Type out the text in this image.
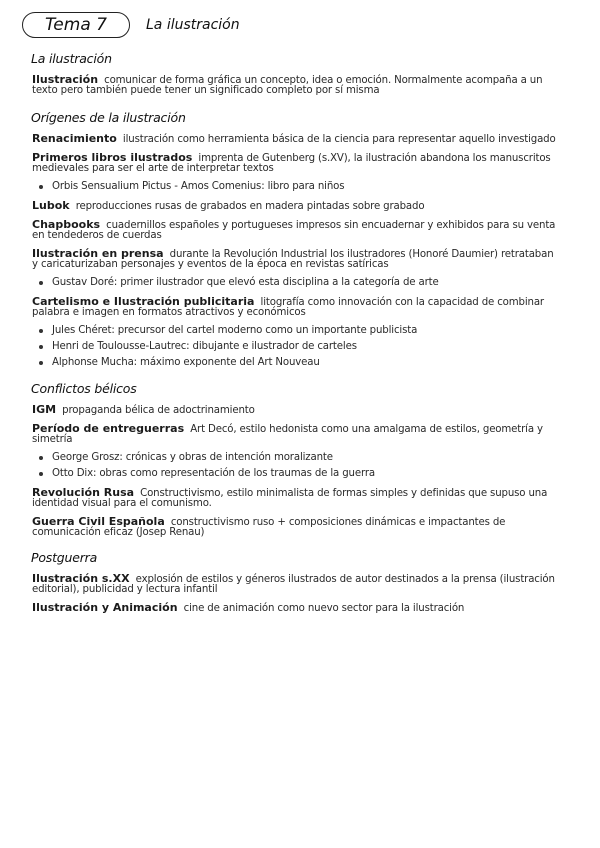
Tema 7	La ilustración
La ilustración
Ilustración comunicar de forma gráfica un concepto, idea o emoción. Normalmente acompaña a un texto pero también puede tener un significado completo por sí misma
Orígenes de la ilustración
Renacimiento ilustración como herramienta básica de la ciencia para representar aquello investigado
Primeros libros ilustrados imprenta de Gutenberg (s.XV), la ilustración abandona los manuscritos medievales para ser el arte de interpretar textos
Orbis Sensualium Pictus - Amos Comenius: libro para niños
Lubok reproducciones rusas de grabados en madera pintadas sobre grabado
Chapbooks cuadernillos españoles y portugueses impresos sin encuadernar y exhibidos para su venta en tendederos de cuerdas
Ilustración en prensa durante la Revolución Industrial los ilustradores (Honoré Daumier) retrataban y caricaturizaban personajes y eventos de la época en revistas satíricas
Gustav Doré: primer ilustrador que elevó esta disciplina a la categoría de arte
Cartelismo e Ilustración publicitaria litografía como innovación con la capacidad de combinar palabra e imagen en formatos atractivos y económicos
Jules Chéret: precursor del cartel moderno como un importante publicista
Henri de Toulousse-Lautrec: dibujante e ilustrador de carteles
Alphonse Mucha: máximo exponente del Art Nouveau
Conflictos bélicos
IGM propaganda bélica de adoctrinamiento
Período de entreguerras Art Decó, estilo hedonista como una amalgama de estilos, geometría y simetría
George Grosz: crónicas y obras de intención moralizante
Otto Dix: obras como representación de los traumas de la guerra
Revolución Rusa Constructivismo, estilo minimalista de formas simples y definidas que supuso una identidad visual para el comunismo.
Guerra Civil Española constructivismo ruso + composiciones dinámicas e impactantes de comunicación eficaz (Josep Renau)
Postguerra
Ilustración s.XX explosión de estilos y géneros ilustrados de autor destinados a la prensa (ilustración editorial), publicidad y lectura infantil
Ilustración y Animación cine de animación como nuevo sector para la ilustración
